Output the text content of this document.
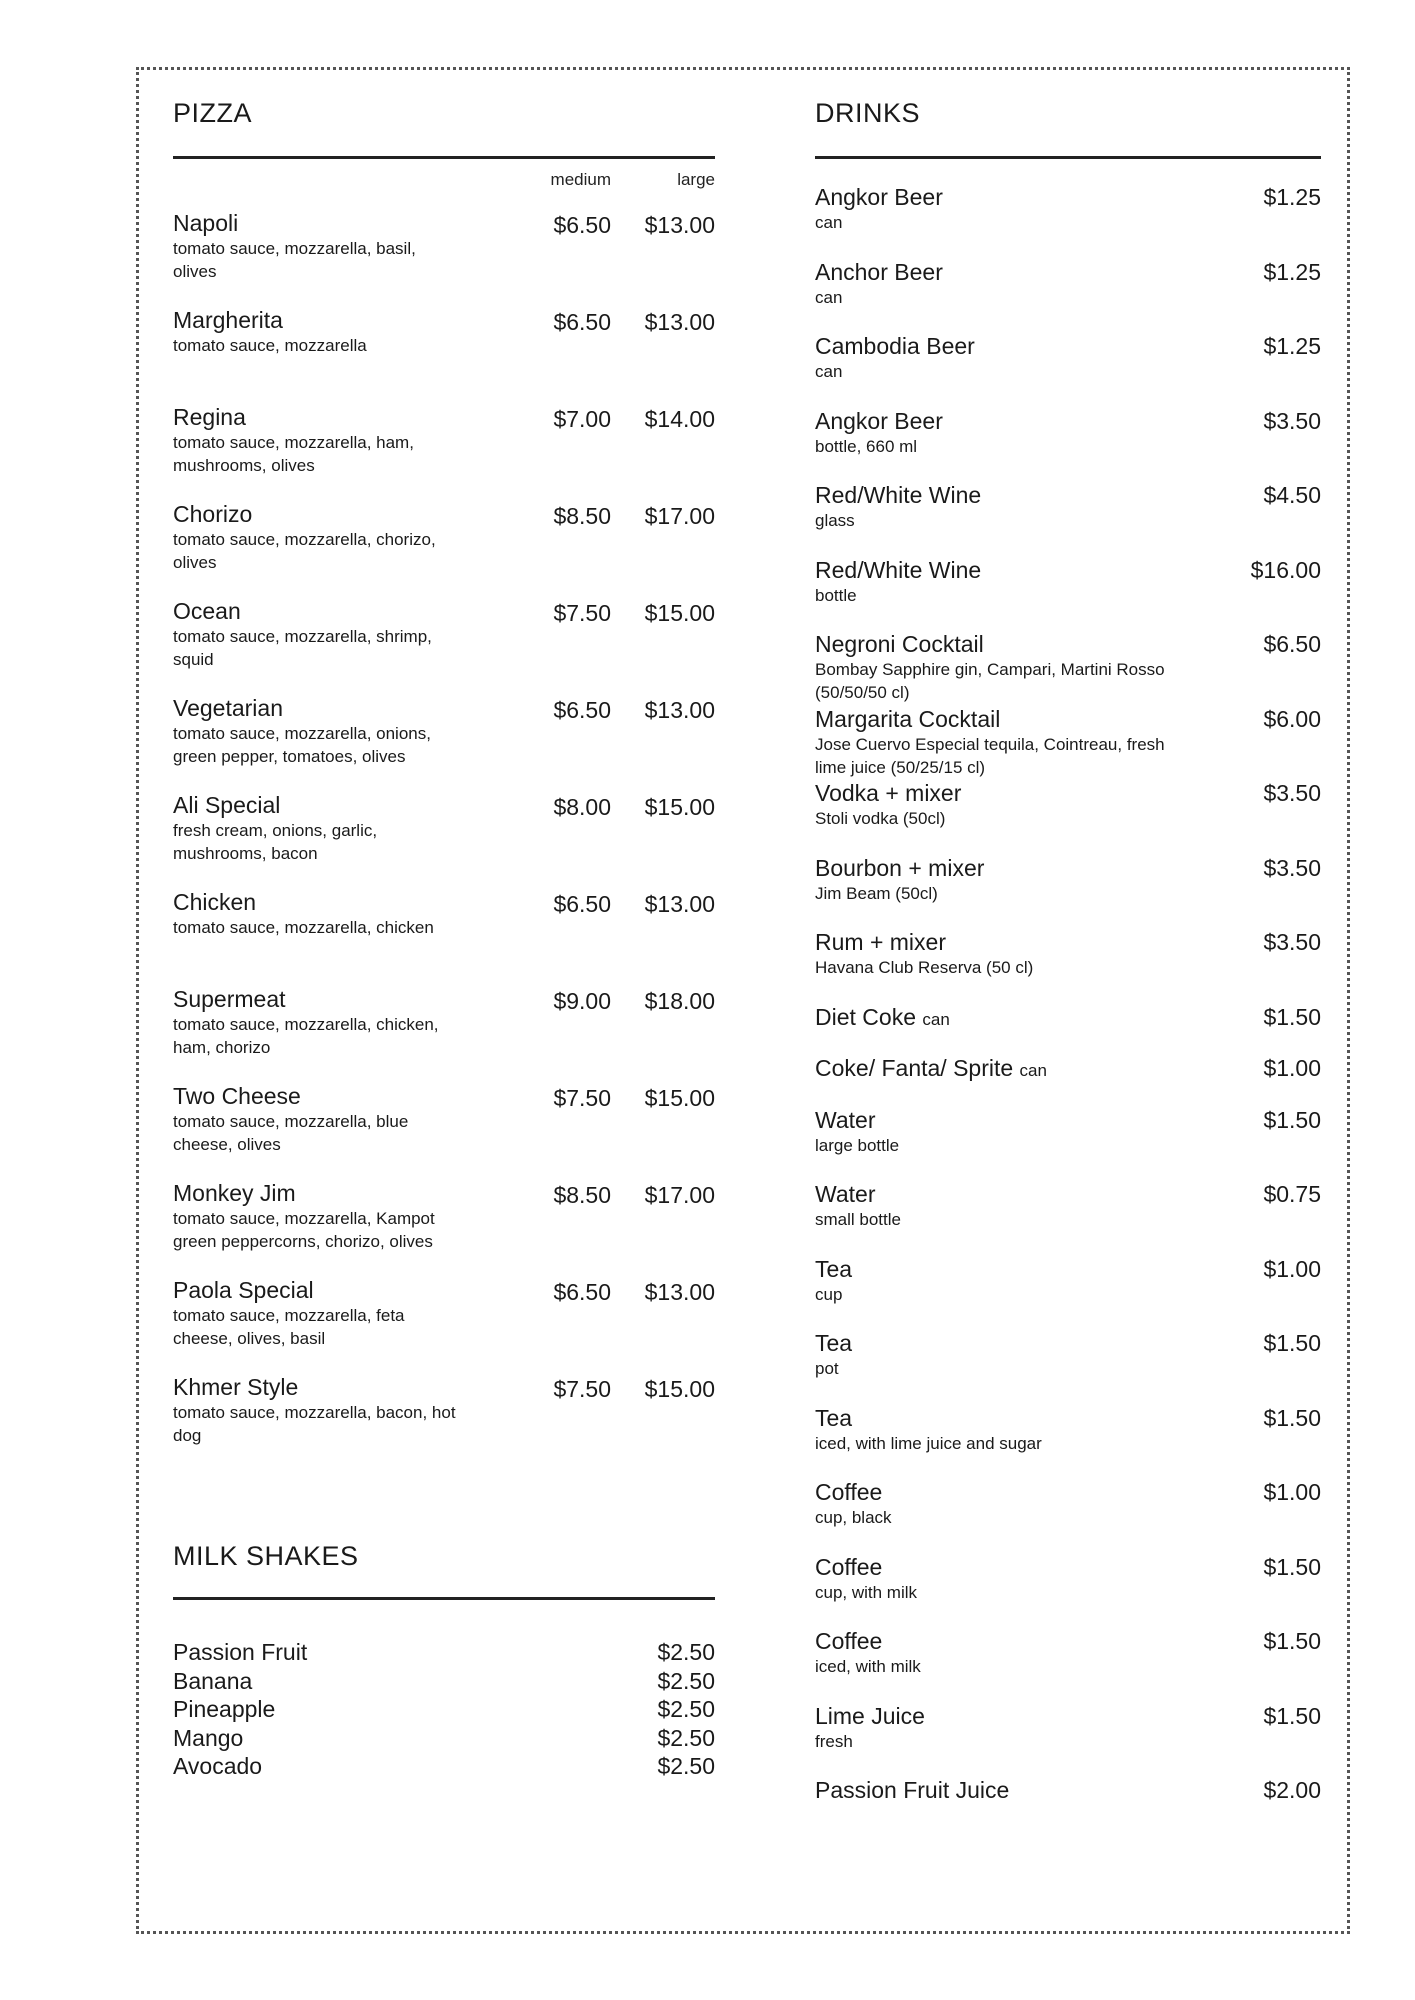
PIZZA
medium	large
Napoli
tomato sauce, mozzarella, basil, olives
$6.50 $13.00
Margherita
tomato sauce, mozzarella
$6.50 $13.00
Regina
tomato sauce, mozzarella, ham, mushrooms, olives
$7.00 $14.00
Chorizo
tomato sauce, mozzarella, chorizo, olives
$8.50 $17.00
Ocean
tomato sauce, mozzarella, shrimp, squid
$7.50 $15.00
Vegetarian
tomato sauce, mozzarella, onions, green pepper, tomatoes, olives
$6.50 $13.00
Ali Special
fresh cream, onions, garlic, mushrooms, bacon
$8.00 $15.00
Chicken
tomato sauce, mozzarella, chicken
$6.50 $13.00
Supermeat
tomato sauce, mozzarella, chicken, ham, chorizo
$9.00 $18.00
Two Cheese
tomato sauce, mozzarella, blue cheese, olives
$7.50 $15.00
Monkey Jim
tomato sauce, mozzarella, Kampot green peppercorns, chorizo, olives
$8.50 $17.00
Paola Special
tomato sauce, mozzarella, feta cheese, olives, basil
$6.50 $13.00
Khmer Style
tomato sauce, mozzarella, bacon, hot dog
$7.50 $15.00
MILK SHAKES
Passion Fruit	$2.50
Banana	$2.50
Pineapple	$2.50
Mango	$2.50
Avocado	$2.50
DRINKS
Angkor Beer
can
$1.25
Anchor Beer
can
$1.25
Cambodia Beer
can
$1.25
Angkor Beer
bottle, 660 ml
$3.50
Red/White Wine
glass
$4.50
Red/White Wine
bottle
$16.00
Negroni Cocktail
Bombay Sapphire gin, Campari, Martini Rosso (50/50/50 cl)
$6.50
Margarita Cocktail
Jose Cuervo Especial tequila, Cointreau, fresh lime juice (50/25/15 cl)
$6.00
Vodka + mixer
Stoli vodka (50cl)
$3.50
Bourbon + mixer
Jim Beam (50cl)
$3.50
Rum + mixer
Havana Club Reserva (50 cl)
$3.50
Diet Coke can	$1.50
Coke/ Fanta/ Sprite can	$1.00
Water
large bottle
$1.50
Water
small bottle
$0.75
Tea
cup
$1.00
Tea
pot
$1.50
Tea
iced, with lime juice and sugar
$1.50
Coffee
cup, black
$1.00
Coffee
cup, with milk
$1.50
Coffee
iced, with milk
$1.50
Lime Juice
fresh
$1.50
Passion Fruit Juice	$2.00
